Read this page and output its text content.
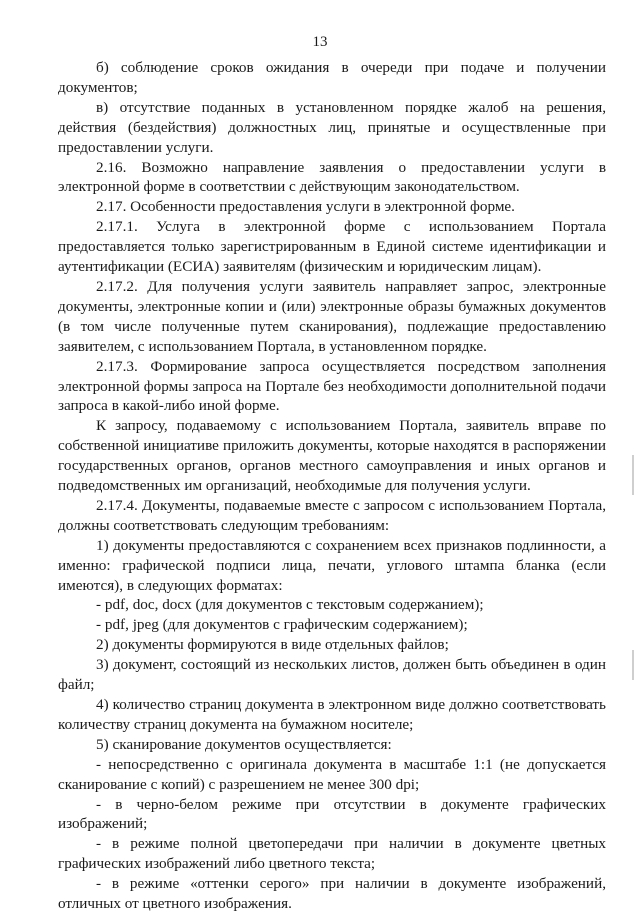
13

б) соблюдение сроков ожидания в очереди при подаче и получении документов;

в) отсутствие поданных в установленном порядке жалоб на решения, действия (бездействия) должностных лиц, принятые и осуществленные при предоставлении услуги.

2.16. Возможно направление заявления о предоставлении услуги в электронной форме в соответствии с действующим законодательством.

2.17. Особенности предоставления услуги в электронной форме.

2.17.1. Услуга в электронной форме с использованием Портала предоставляется только зарегистрированным в Единой системе идентификации и аутентификации (ЕСИА) заявителям (физическим и юридическим лицам).

2.17.2. Для получения услуги заявитель направляет запрос, электронные документы, электронные копии и (или) электронные образы бумажных документов (в том числе полученные путем сканирования), подлежащие предоставлению заявителем, с использованием Портала, в установленном порядке.

2.17.3. Формирование запроса осуществляется посредством заполнения электронной формы запроса на Портале без необходимости дополнительной подачи запроса в какой-либо иной форме.

К запросу, подаваемому с использованием Портала, заявитель вправе по собственной инициативе приложить документы, которые находятся в распоряжении государственных органов, органов местного самоуправления и иных органов и подведомственных им организаций, необходимые для получения услуги.

2.17.4. Документы, подаваемые вместе с запросом с использованием Портала, должны соответствовать следующим требованиям:

1) документы предоставляются с сохранением всех признаков подлинности, а именно: графической подписи лица, печати, углового штампа бланка (если имеются), в следующих форматах:

- pdf, doc, docx (для документов с текстовым содержанием);

- pdf, jpeg (для документов с графическим содержанием);

2) документы формируются в виде отдельных файлов;

3) документ, состоящий из нескольких листов, должен быть объединен в один файл;

4) количество страниц документа в электронном виде должно соответствовать количеству страниц документа на бумажном носителе;

5) сканирование документов осуществляется:

- непосредственно с оригинала документа в масштабе 1:1 (не допускается сканирование с копий) с разрешением не менее 300 dpi;

- в черно-белом режиме при отсутствии в документе графических изображений;

- в режиме полной цветопередачи при наличии в документе цветных графических изображений либо цветного текста;

- в режиме «оттенки серого» при наличии в документе изображений, отличных от цветного изображения.
